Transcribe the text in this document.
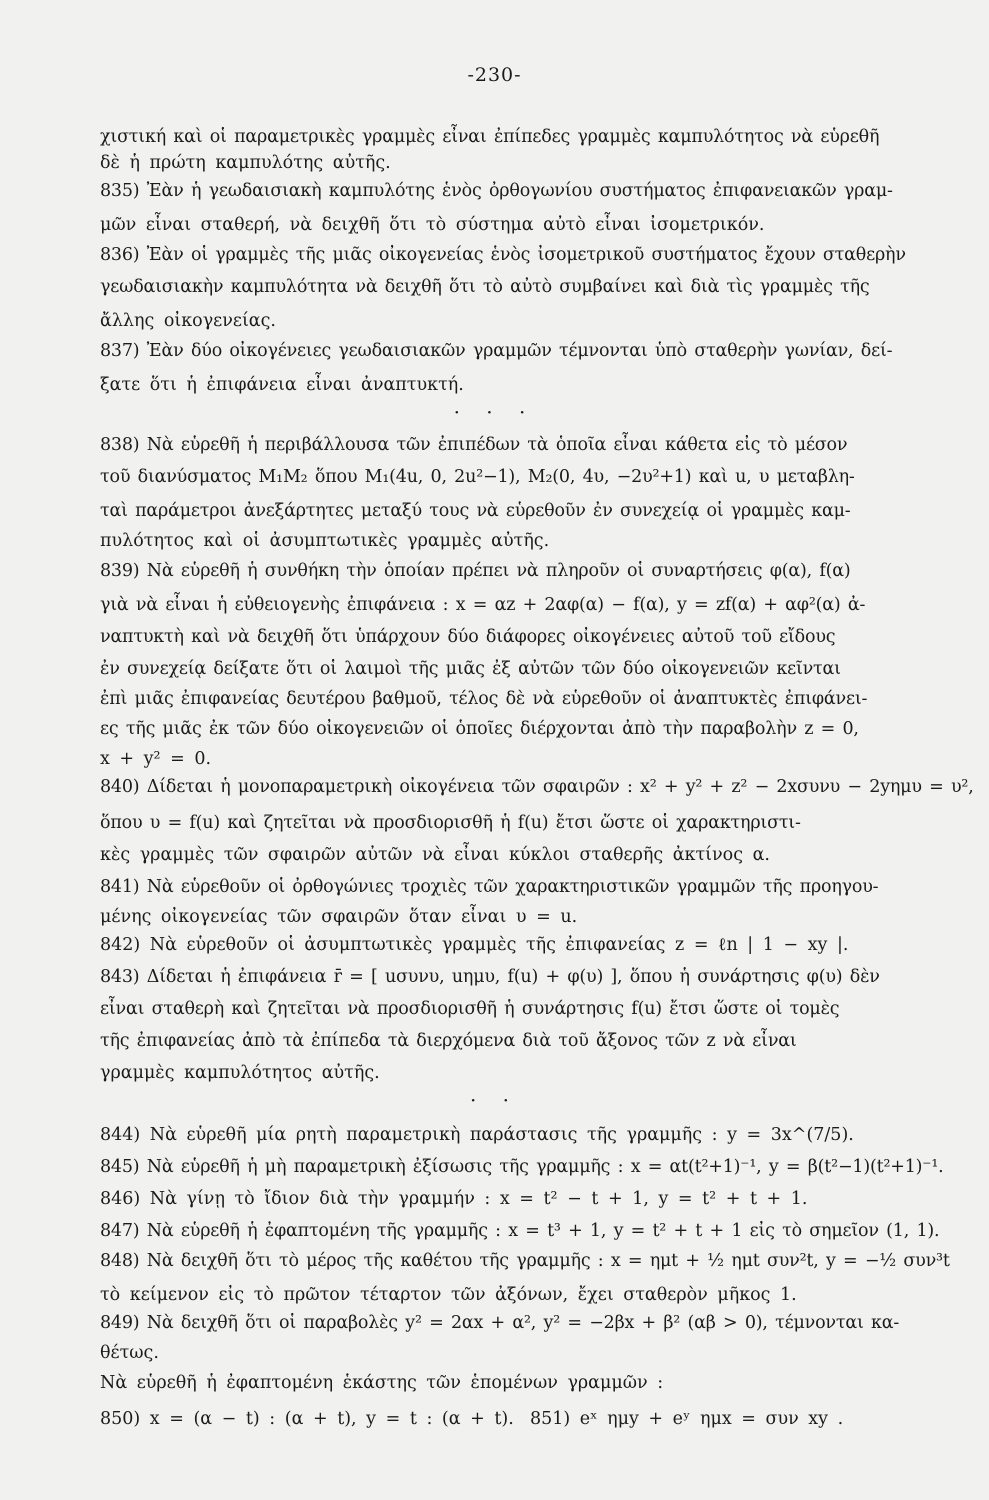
-230-
χιστική καὶ οἱ παραμετρικὲς γραμμὲς εἶναι ἐπίπεδες γραμμὲς καμπυλότητος νὰ εὑρεθῆ
δὲ ἡ πρώτη καμπυλότης αὐτῆς.
835) Ἐὰν ἡ γεωδαισιακὴ καμπυλότης ἑνὸς ὀρθογωνίου συστήματος ἐπιφανειακῶν γραμ-
μῶν εἶναι σταθερή, νὰ δειχθῆ ὅτι τὸ σύστημα αὐτὸ εἶναι ἰσομετρικόν.
836) Ἐὰν οἱ γραμμὲς τῆς μιᾶς οἰκογενείας ἑνὸς ἰσομετρικοῦ συστήματος ἔχουν σταθερὴν
γεωδαισιακὴν καμπυλότητα νὰ δειχθῆ ὅτι τὸ αὐτὸ συμβαίνει καὶ διὰ τὶς γραμμὲς τῆς
ἄλλης οἰκογενείας.
837) Ἐὰν δύο οἰκογένειες γεωδαισιακῶν γραμμῶν τέμνονται ὑπὸ σταθερὴν γωνίαν, δεί-
ξατε ὅτι ἡ ἐπιφάνεια εἶναι ἀναπτυκτή.
· · ·
838) Νὰ εὑρεθῆ ἡ περιβάλλουσα τῶν ἐπιπέδων τὰ ὁποῖα εἶναι κάθετα εἰς τὸ μέσον
τοῦ διανύσματος M₁M₂ ὅπου M₁(4u, 0, 2u²−1), M₂(0, 4υ, −2υ²+1) καὶ u, υ μεταβλη-
ταὶ παράμετροι ἀνεξάρτητες μεταξύ τους νὰ εὑρεθοῦν ἐν συνεχείᾳ οἱ γραμμὲς καμ-
πυλότητος καὶ οἱ ἀσυμπτωτικὲς γραμμὲς αὐτῆς.
839) Νὰ εὑρεθῆ ἡ συνθήκη τὴν ὁποίαν πρέπει νὰ πληροῦν οἱ συναρτήσεις φ(α), f(α)
γιὰ νὰ εἶναι ἡ εὐθειογενὴς ἐπιφάνεια : x = αz + 2αφ(α) − f(α), y = zf(α) + αφ²(α) ἀ-
ναπτυκτὴ καὶ νὰ δειχθῆ ὅτι ὑπάρχουν δύο διάφορες οἰκογένειες αὐτοῦ τοῦ εἴδους
ἐν συνεχείᾳ δείξατε ὅτι οἱ λαιμοὶ τῆς μιᾶς ἐξ αὐτῶν τῶν δύο οἰκογενειῶν κεῖνται
ἐπὶ μιᾶς ἐπιφανείας δευτέρου βαθμοῦ, τέλος δὲ νὰ εὑρεθοῦν οἱ ἀναπτυκτὲς ἐπιφάνει-
ες τῆς μιᾶς ἐκ τῶν δύο οἰκογενειῶν οἱ ὁποῖες διέρχονται ἀπὸ τὴν παραβολὴν z = 0,
x + y² = 0.
840) Δίδεται ἡ μονοπαραμετρικὴ οἰκογένεια τῶν σφαιρῶν : x² + y² + z² − 2xσυνυ − 2yημυ = υ²,
ὅπου υ = f(u) καὶ ζητεῖται νὰ προσδιορισθῆ ἡ f(u) ἔτσι ὥστε οἱ χαρακτηριστι-
κὲς γραμμὲς τῶν σφαιρῶν αὐτῶν νὰ εἶναι κύκλοι σταθερῆς ἀκτίνος α.
841) Νὰ εὑρεθοῦν οἱ ὀρθογώνιες τροχιὲς τῶν χαρακτηριστικῶν γραμμῶν τῆς προηγου-
μένης οἰκογενείας τῶν σφαιρῶν ὅταν εἶναι υ = u.
842) Νὰ εὑρεθοῦν οἱ ἀσυμπτωτικὲς γραμμὲς τῆς ἐπιφανείας z = ℓn | 1 − xy |.
843) Δίδεται ἡ ἐπιφάνεια r̄ = [ uσυνυ, uημυ, f(u) + φ(υ) ], ὅπου ἡ συνάρτησις φ(υ) δὲν
εἶναι σταθερὴ καὶ ζητεῖται νὰ προσδιορισθῆ ἡ συνάρτησις f(u) ἔτσι ὥστε οἱ τομὲς
τῆς ἐπιφανείας ἀπὸ τὰ ἐπίπεδα τὰ διερχόμενα διὰ τοῦ ἄξονος τῶν z νὰ εἶναι
γραμμὲς καμπυλότητος αὐτῆς.
· ·
844) Νὰ εὑρεθῆ μία ρητὴ παραμετρικὴ παράστασις τῆς γραμμῆς : y = 3x^(7/5).
845) Νὰ εὑρεθῆ ἡ μὴ παραμετρικὴ ἐξίσωσις τῆς γραμμῆς : x = αt(t²+1)⁻¹, y = β(t²−1)(t²+1)⁻¹.
846) Νὰ γίνῃ τὸ ἴδιον διὰ τὴν γραμμήν : x = t² − t + 1, y = t² + t + 1.
847) Νὰ εὑρεθῆ ἡ ἐφαπτομένη τῆς γραμμῆς : x = t³ + 1, y = t² + t + 1 εἰς τὸ σημεῖον (1, 1).
848) Νὰ δειχθῆ ὅτι τὸ μέρος τῆς καθέτου τῆς γραμμῆς : x = ημt + ½ ημt συν²t, y = −½ συν³t
τὸ κείμενον εἰς τὸ πρῶτον τέταρτον τῶν ἀξόνων, ἔχει σταθερὸν μῆκος 1.
849) Νὰ δειχθῆ ὅτι οἱ παραβολὲς y² = 2αx + α², y² = −2βx + β² (αβ > 0), τέμνονται κα-
θέτως.
Νὰ εὑρεθῆ ἡ ἐφαπτομένη ἑκάστης τῶν ἑπομένων γραμμῶν :
850) x = (α − t) : (α + t), y = t : (α + t). 851) eˣ ημy + eʸ ημx = συν xy .
